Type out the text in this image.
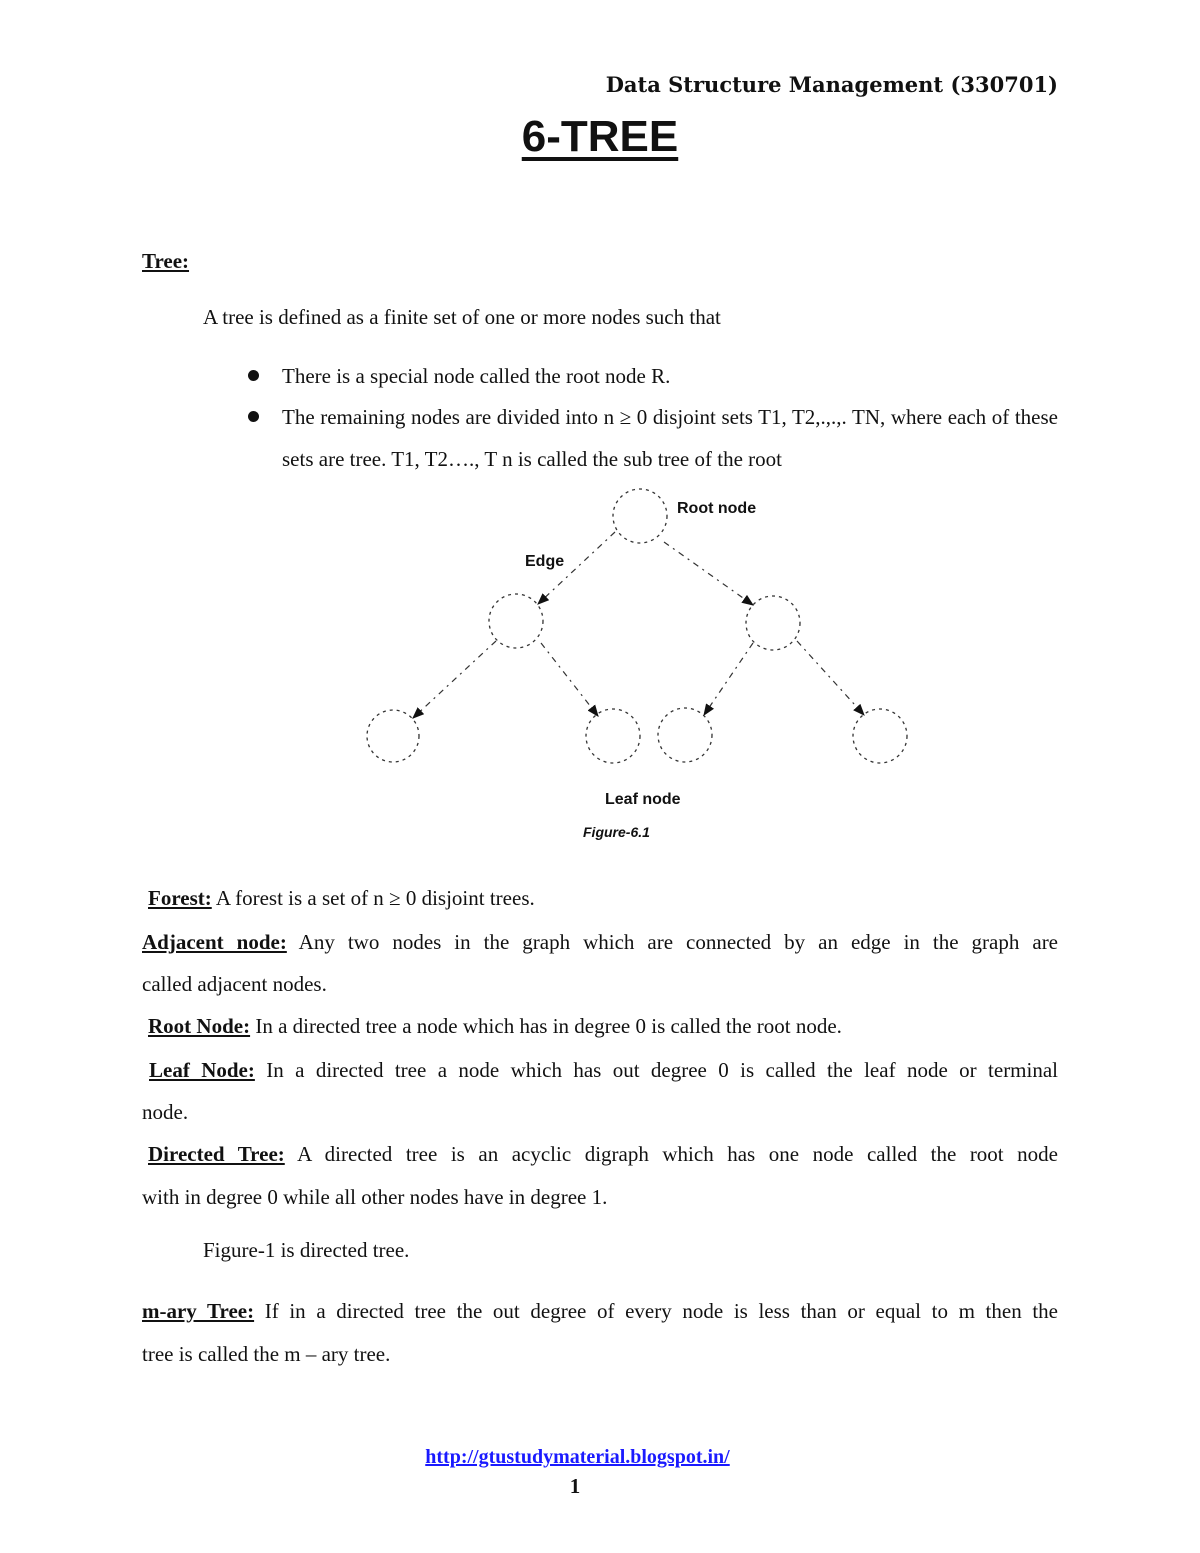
Data Structure Management (330701)
6-TREE
Tree:
A tree is defined as a finite set of one or more nodes such that
There is a special node called the root node R.
The remaining nodes are divided into n ≥ 0 disjoint sets T1, T2,.,.,. TN, where each of these sets are tree. T1, T2…., T n is called the sub tree of the root
Root node
Edge
Leaf node
Figure-6.1
Forest: A forest is a set of n ≥ 0 disjoint trees.
Adjacent node: Any two nodes in the graph which are connected by an edge in the graph are
called adjacent nodes.
Root Node: In a directed tree a node which has in degree 0 is called the root node.
Leaf Node: In a directed tree a node which has out degree 0 is called the leaf node or terminal
node.
Directed Tree: A directed tree is an acyclic digraph which has one node called the root node
with in degree 0 while all other nodes have in degree 1.
Figure-1 is directed tree.
m-ary Tree: If in a directed tree the out degree of every node is less than or equal to m then the
tree is called the m – ary tree.
http://gtustudymaterial.blogspot.in/
1
